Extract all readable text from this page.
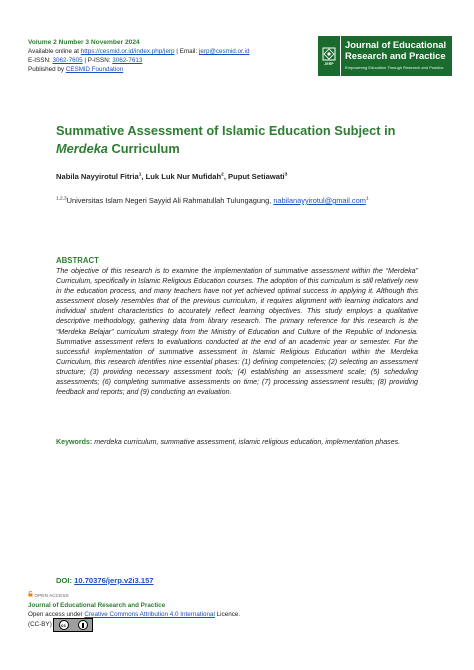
Volume 2 Number 3 November 2024
Available online at https://cesmid.or.id/index.php/jerp | Email: jerp@cesmid.or.id
E-ISSN: 3062-7605 | P-ISSN: 3062-7613
Published by CESMiD Foundation
JERP
Journal of Educational
Research and Practice
Empowering Education Through Research and Practice
Summative Assessment of Islamic Education Subject in
Merdeka Curriculum
Nabila Nayyirotul Fitria$^1$, Luk Luk Nur Mufidah$^2$, Puput Setiawati$^3$
$^{1,2,3}$Universitas Islam Negeri Sayyid Ali Rahmatullah Tulungagung, nabilanayyirotul@gmail.com$^1$
ABSTRACT

The objective of this research is to examine the implementation of summative assessment within the “Merdeka” Curriculum, specifically in Islamic Religious Education courses. The adoption of this curriculum is still relatively new in the education process, and many teachers have not yet achieved optimal success in applying it. Although this assessment closely resembles that of the previous curriculum, it requires alignment with learning indicators and individual student characteristics to accurately reflect learning objectives. This study employs a qualitative descriptive methodology, gathering data from library research. The primary reference for this research is the “Merdeka Belajar” curriculum strategy from the Ministry of Education and Culture of the Republic of Indonesia. Summative assessment refers to evaluations conducted at the end of an academic year or semester. For the successful implementation of summative assessment in Islamic Religious Education within the Merdeka Curriculum, this research identifies nine essential phases: (1) defining competencies; (2) selecting an assessment structure; (3) providing necessary assessment tools; (4) establishing an assessment scale; (5) scheduling assessments; (6) completing summative assessments on time; (7) processing assessment results; (8) providing feedback and reports; and (9) conducting an evaluation.

Keywords: merdeka curriculum, summative assessment, islamic religious education, implementation phases.

DOI: 10.70376/jerp.v2i3.157
OPEN ACCESS
Journal of Educational Research and Practice
Open access under Creative Commons Attribution 4.0 International Licence.
(CC-BY)	cc
